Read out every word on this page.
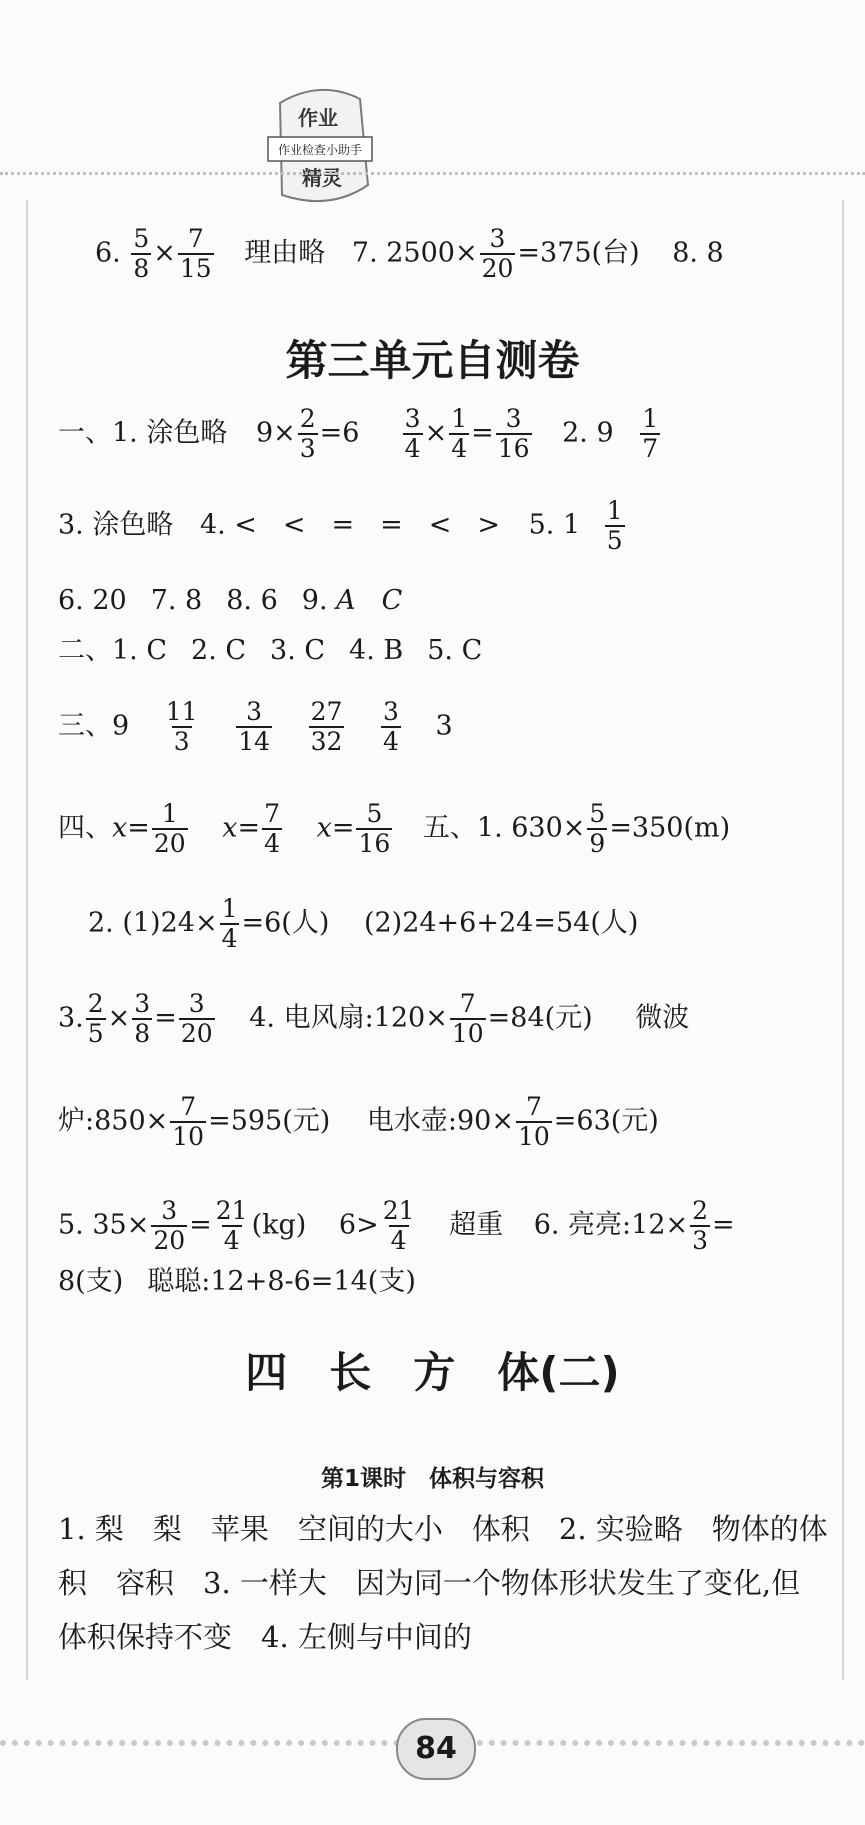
作业
作业检查小助手
精灵
6. $\frac{5}{8} \times \frac{7}{15}$ 理由略 7. $2500\times \frac{3}{20} =375$(台) 8. 8
第三单元自测卷
一、1. 涂色略 $9\times \frac{2}{3} =6 \frac{3}{4} \times \frac{1}{4} = \frac{3}{16} 2$. $9 \frac{1}{7}$
3. 涂色略 4. < < = = < > 5. $1 \frac{1}{5}$
6. 20 7. 8 8. 6 9. A C
二、1. C 2. C 3. C 4. B 5. C
三、$9 \frac{11}{3}$
$\frac{3}{14}$
$\frac{27}{32}$
$\frac{3}{4} 3$
四、$x= \frac{1}{20} x= \frac{7}{4} x= \frac{5}{16}$ 五、1. $630\times \frac{5}{9} =350(m)$
2. $(1)24\times \frac{1}{4} =6$(人) (2)24+6+24=54(人)
3. $\frac{2}{5} \times \frac{3}{8} = \frac{3}{20} 4$. 电风扇:120× $\frac{7}{10} =84$(元) 微波
炉:850× $\frac{7}{10} =595$(元) 电水壶:90× $\frac{7}{10} =63$(元)
5. $35\times \frac{3}{20} = \frac{21}{4} (kg)$ $6> \frac{21}{4}$ 超重 6. 亮亮:12× $\frac{2}{3}$ =
8(支) 聪聪:12+8-6=14(支)
四　长　方　体(二)
第1课时　体积与容积
1. 梨　梨　苹果　空间的大小　体积　2. 实验略　物体的体积　容积　3. 一样大　因为同一个物体形状发生了变化,但体积保持不变　4. 左侧与中间的
84
